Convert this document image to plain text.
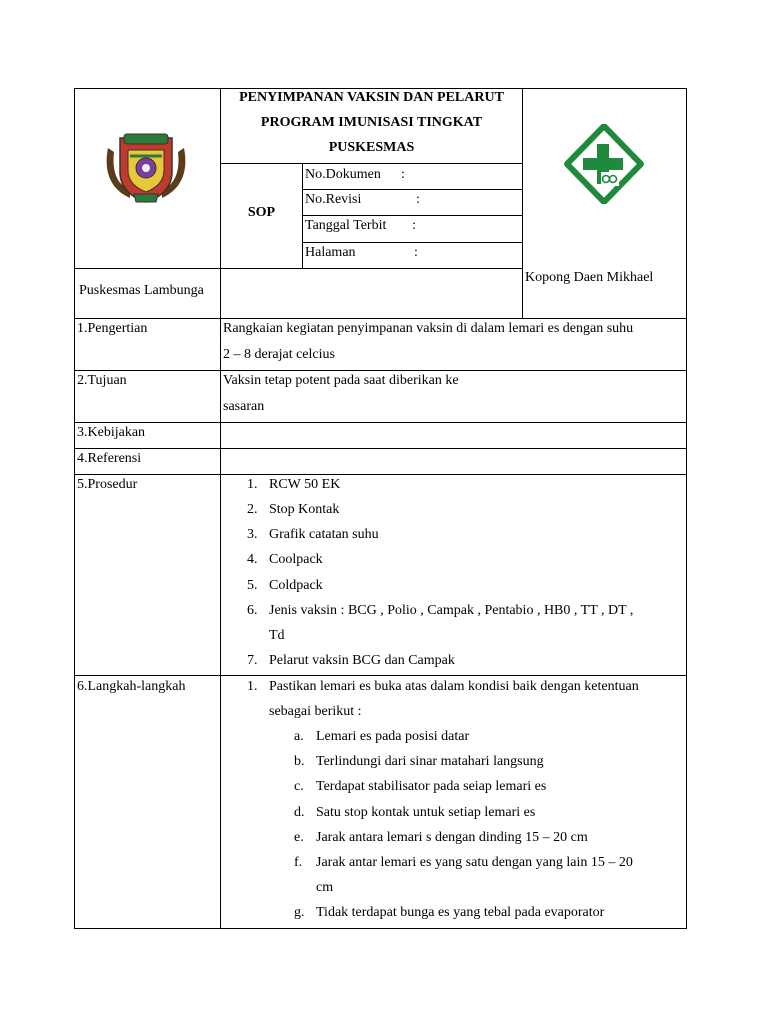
PENYIMPANAN VAKSIN DAN PELARUT
PROGRAM IMUNISASI TINGKAT
PUSKESMAS
SOP
No.Dokumen :
No.Revisi	:
Tanggal Terbit :
Halaman	:
Puskesmas Lambunga
Kopong Daen Mikhael
1.Pengertian	Rangkaian kegiatan penyimpanan vaksin di dalam lemari es dengan suhu
2 – 8 derajat celcius
2.Tujuan	Vaksin tetap potent pada saat diberikan ke
sasaran
3.Kebijakan
4.Referensi
5.Prosedur	1. RCW 50 EK
2. Stop Kontak
3. Grafik catatan suhu
4. Coolpack
5. Coldpack
6. Jenis vaksin : BCG , Polio , Campak , Pentabio , HB0 , TT , DT ,
Td
7. Pelarut vaksin BCG dan Campak
6.Langkah-langkah	1. Pastikan lemari es buka atas dalam kondisi baik dengan ketentuan
sebagai berikut :
a. Lemari es pada posisi datar
b. Terlindungi dari sinar matahari langsung
c. Terdapat stabilisator pada seiap lemari es
d. Satu stop kontak untuk setiap lemari es
e. Jarak antara lemari s dengan dinding 15 – 20 cm
f. Jarak antar lemari es yang satu dengan yang lain 15 – 20
cm
g. Tidak terdapat bunga es yang tebal pada evaporator
